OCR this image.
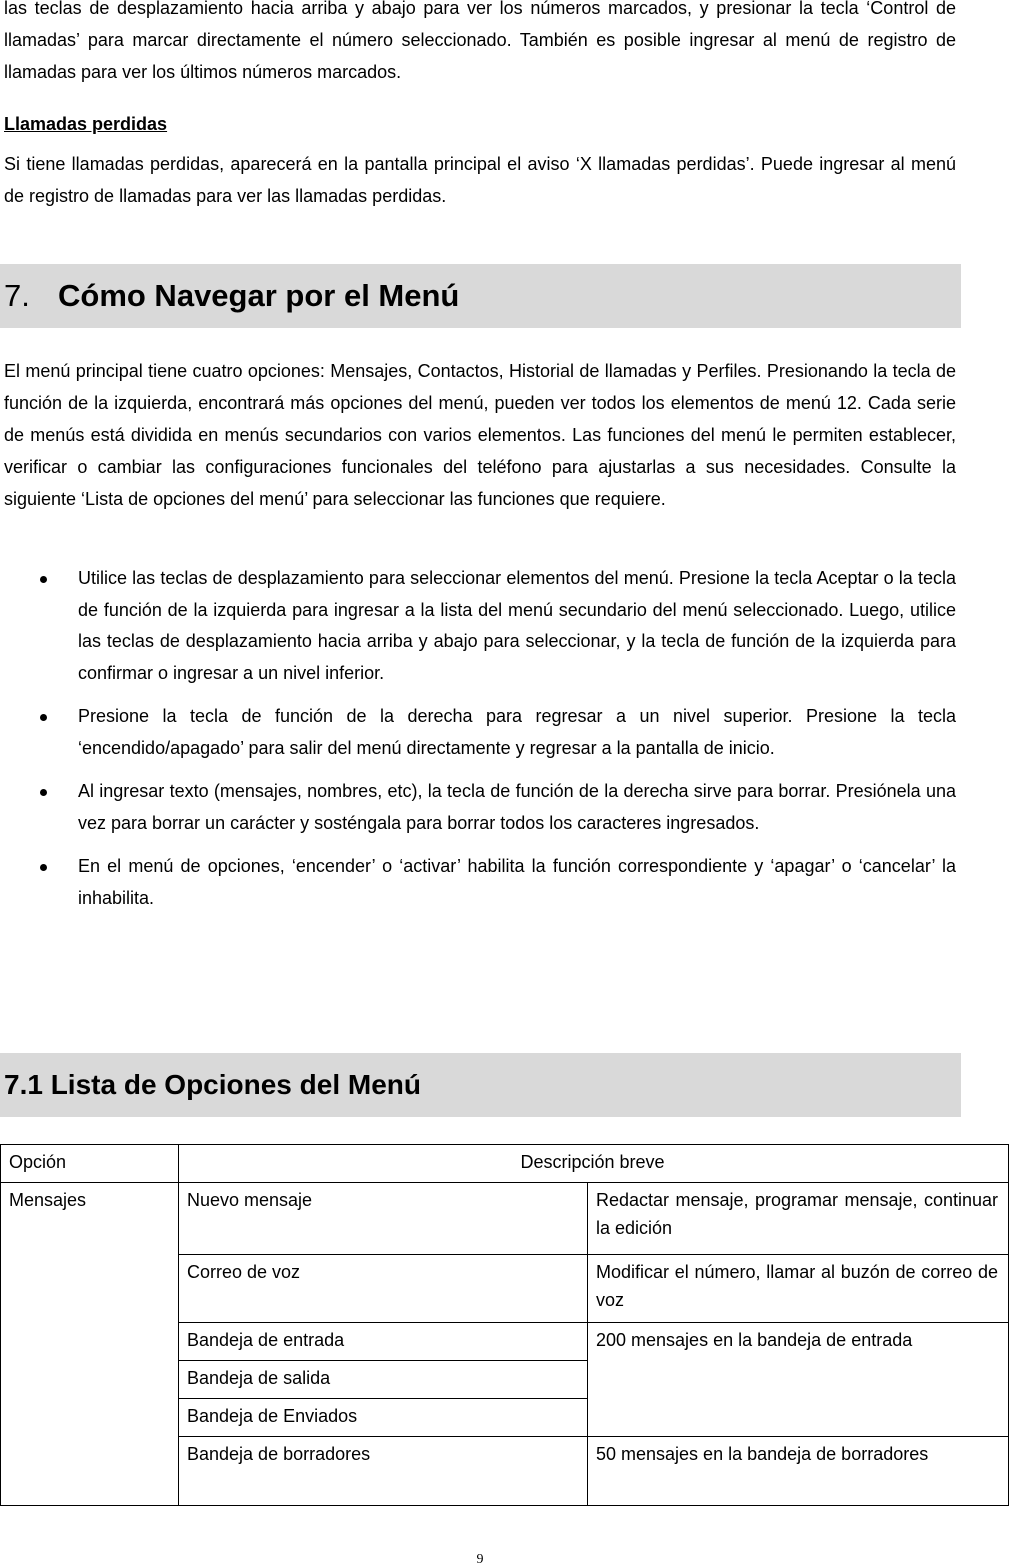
las teclas de desplazamiento hacia arriba y abajo para ver los números marcados, y presionar la tecla ‘Control de llamadas’ para marcar directamente el número seleccionado. También es posible ingresar al menú de registro de llamadas para ver los últimos números marcados.

Llamadas perdidas

Si tiene llamadas perdidas, aparecerá en la pantalla principal el aviso ‘X llamadas perdidas’. Puede ingresar al menú de registro de llamadas para ver las llamadas perdidas.

7. Cómo Navegar por el Menú

El menú principal tiene cuatro opciones: Mensajes, Contactos, Historial de llamadas y Perfiles. Presionando la tecla de función de la izquierda, encontrará más opciones del menú, pueden ver todos los elementos de menú 12. Cada serie de menús está dividida en menús secundarios con varios elementos. Las funciones del menú le permiten establecer, verificar o cambiar las configuraciones funcionales del teléfono para ajustarlas a sus necesidades. Consulte la siguiente ‘Lista de opciones del menú’ para seleccionar las funciones que requiere.

Utilice las teclas de desplazamiento para seleccionar elementos del menú. Presione la tecla Aceptar o la tecla de función de la izquierda para ingresar a la lista del menú secundario del menú seleccionado. Luego, utilice las teclas de desplazamiento hacia arriba y abajo para seleccionar, y la tecla de función de la izquierda para confirmar o ingresar a un nivel inferior.
Presione la tecla de función de la derecha para regresar a un nivel superior. Presione la tecla ‘encendido/apagado’ para salir del menú directamente y regresar a la pantalla de inicio.
Al ingresar texto (mensajes, nombres, etc), la tecla de función de la derecha sirve para borrar. Presiónela una vez para borrar un carácter y sosténgala para borrar todos los caracteres ingresados.
En el menú de opciones, ‘encender’ o ‘activar’ habilita la función correspondiente y ‘apagar’ o ‘cancelar’ la inhabilita.
7.1 Lista de Opciones del Menú
Opción	Descripción breve	
Mensajes	Nuevo mensaje	Redactar mensaje, programar mensaje, continuar la edición
	Correo de voz	Modificar el número, llamar al buzón de correo de voz
	Bandeja de entrada	200 mensajes en la bandeja de entrada
	Bandeja de salida	
	Bandeja de Enviados	
	Bandeja de borradores	50 mensajes en la bandeja de borradores
9
